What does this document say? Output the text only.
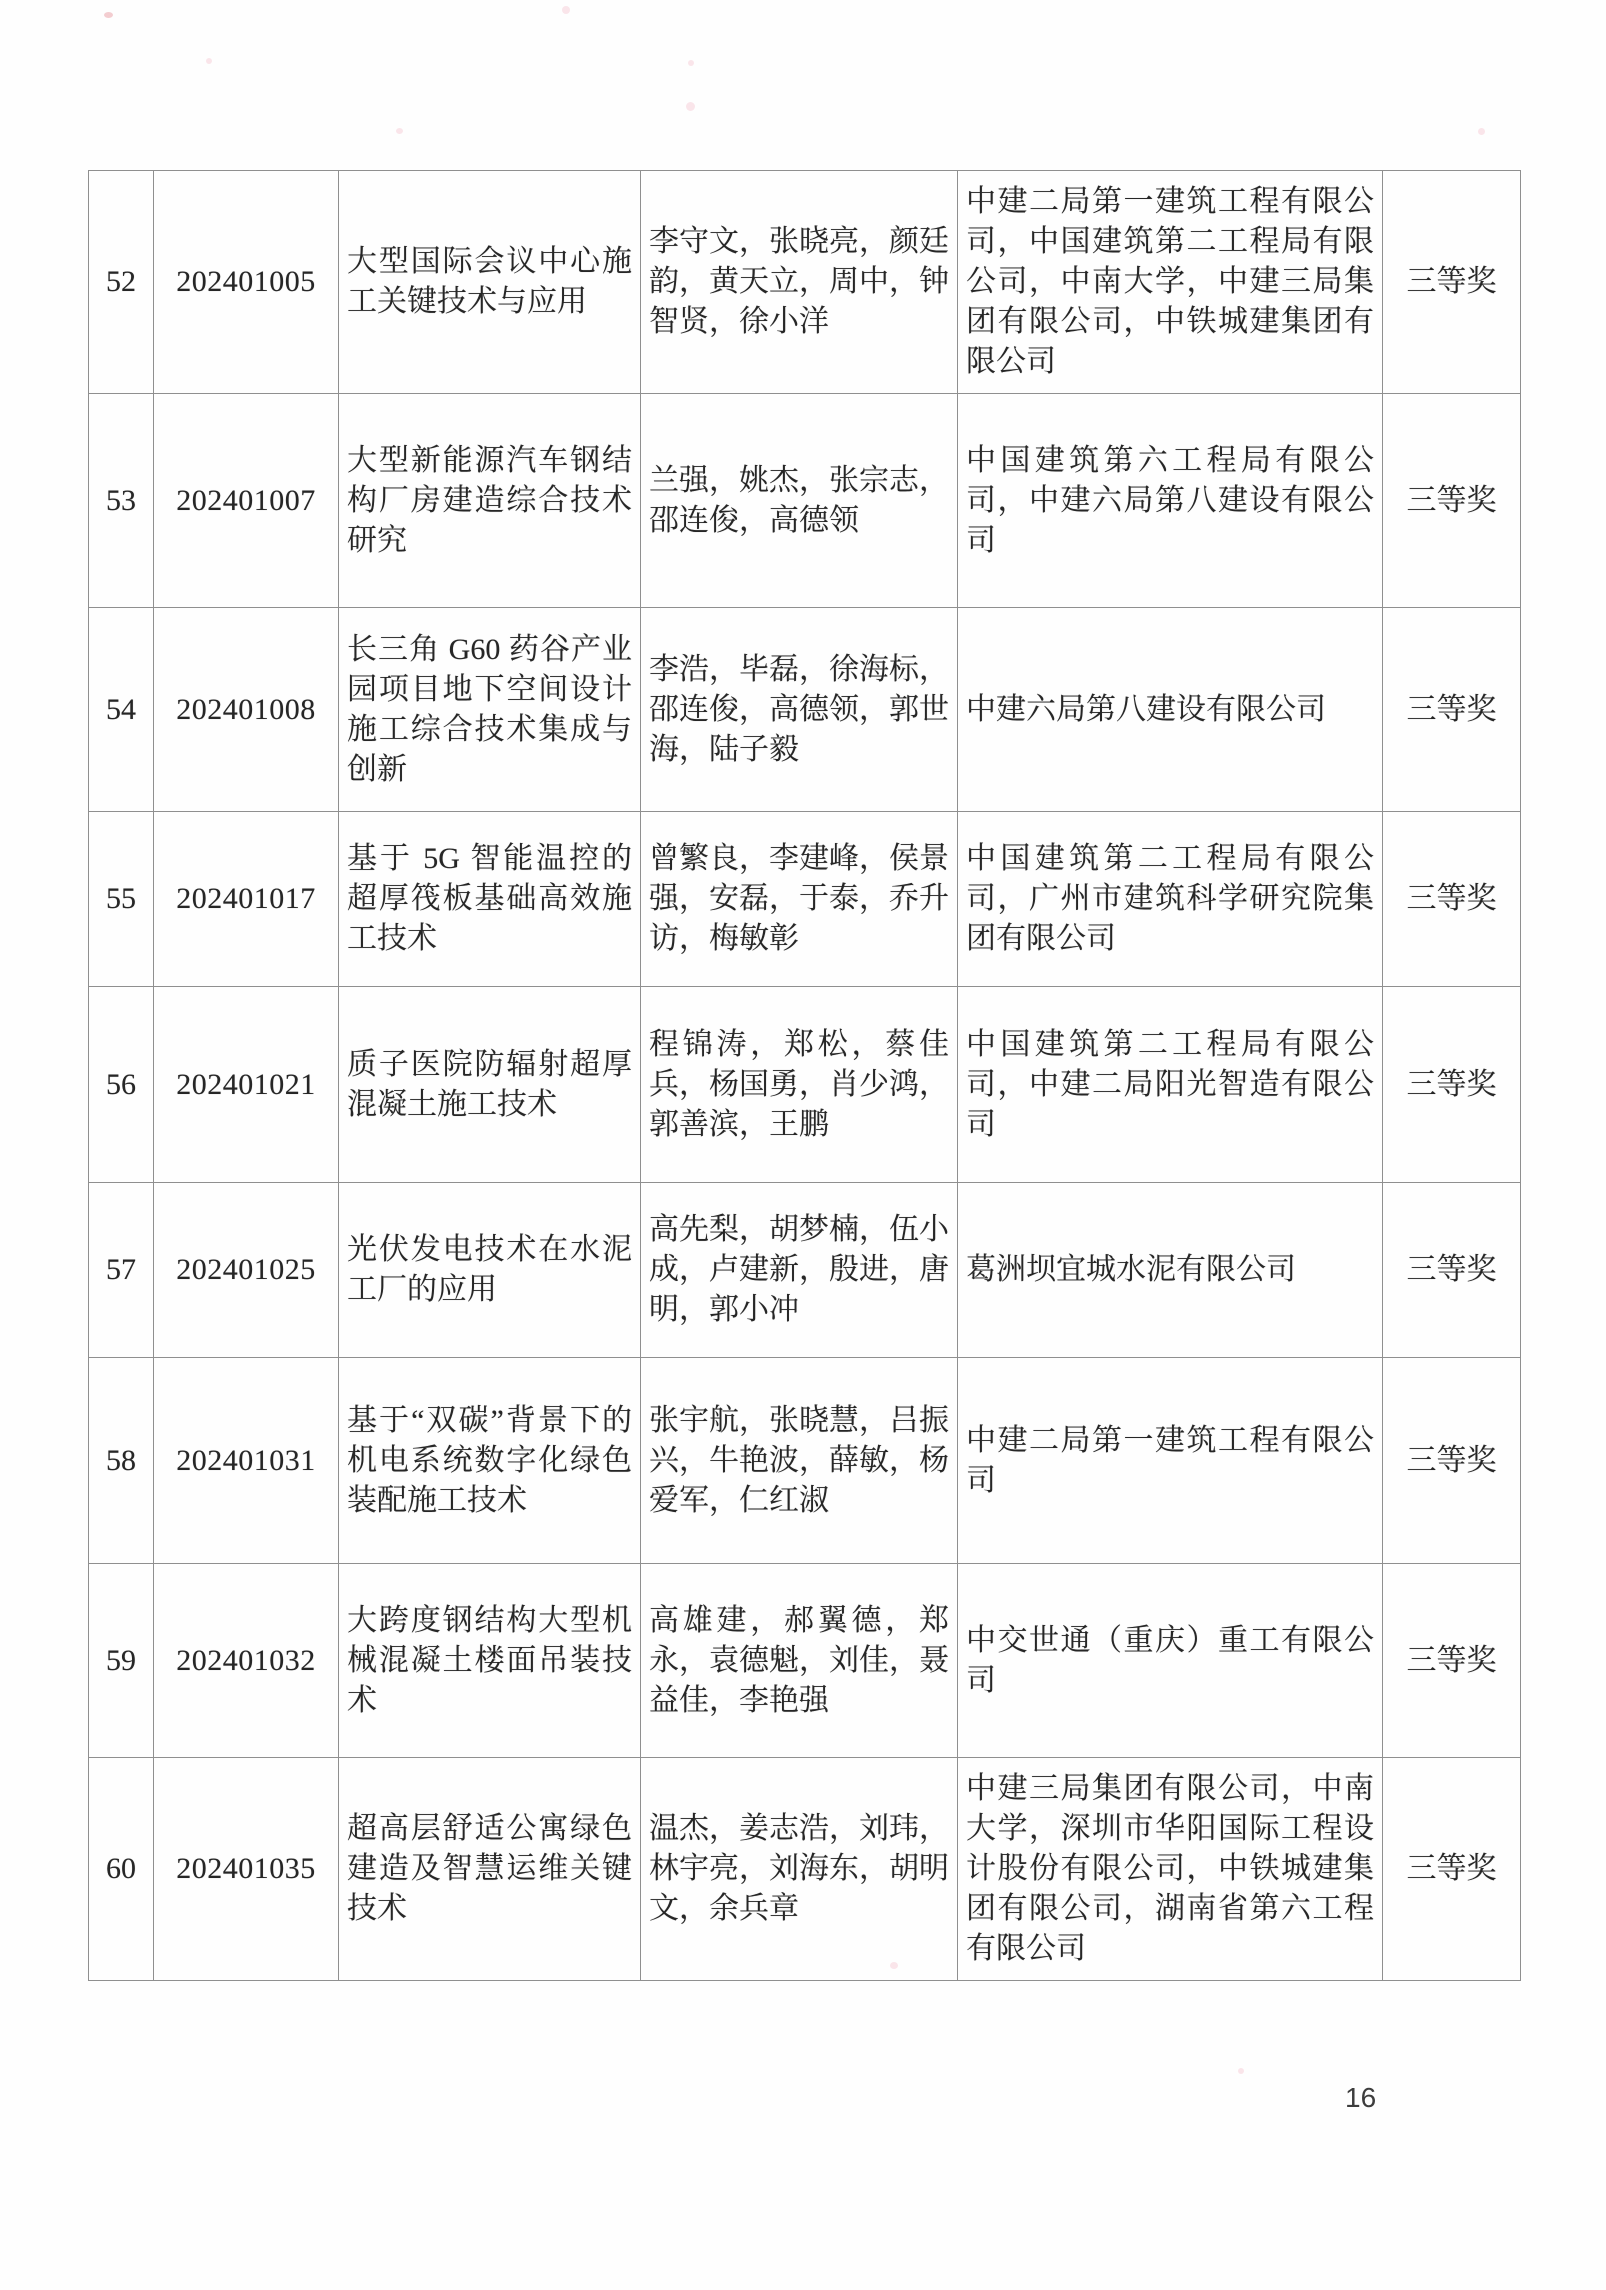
52	202401005	大型国际会议中心施工关键技术与应用	李守文，张晓亮，颜廷韵，黄天立，周中，钟智贤，徐小洋	中建二局第一建筑工程有限公司，中国建筑第二工程局有限公司，中南大学，中建三局集团有限公司，中铁城建集团有限公司	三等奖
53	202401007	大型新能源汽车钢结构厂房建造综合技术研究	兰强，姚杰，张宗志，邵连俊，高德领	中国建筑第六工程局有限公司，中建六局第八建设有限公司	三等奖
54	202401008	长三角 G60 药谷产业园项目地下空间设计施工综合技术集成与创新	李浩，毕磊，徐海标，邵连俊，高德领，郭世海，陆子毅	中建六局第八建设有限公司	三等奖
55	202401017	基于 5G 智能温控的超厚筏板基础高效施工技术	曾繁良，李建峰，侯景强，安磊，于泰，乔升访，梅敏彰	中国建筑第二工程局有限公司，广州市建筑科学研究院集团有限公司	三等奖
56	202401021	质子医院防辐射超厚混凝土施工技术	程锦涛，郑松，蔡佳兵，杨国勇，肖少鸿，郭善滨，王鹏	中国建筑第二工程局有限公司，中建二局阳光智造有限公司	三等奖
57	202401025	光伏发电技术在水泥工厂的应用	高先梨，胡梦楠，伍小成，卢建新，殷进，唐明，郭小冲	葛洲坝宜城水泥有限公司	三等奖
58	202401031	基于“双碳”背景下的机电系统数字化绿色装配施工技术	张宇航，张晓慧，吕振兴，牛艳波，薛敏，杨爱军，仁红淑	中建二局第一建筑工程有限公司	三等奖
59	202401032	大跨度钢结构大型机械混凝土楼面吊装技术	高雄建，郝翼德，郑永，袁德魁，刘佳，聂益佳，李艳强	中交世通（重庆）重工有限公司	三等奖
60	202401035	超高层舒适公寓绿色建造及智慧运维关键技术	温杰，姜志浩，刘玮，林宇亮，刘海东，胡明文，余兵章	中建三局集团有限公司，中南大学，深圳市华阳国际工程设计股份有限公司，中铁城建集团有限公司，湖南省第六工程有限公司	三等奖
16
